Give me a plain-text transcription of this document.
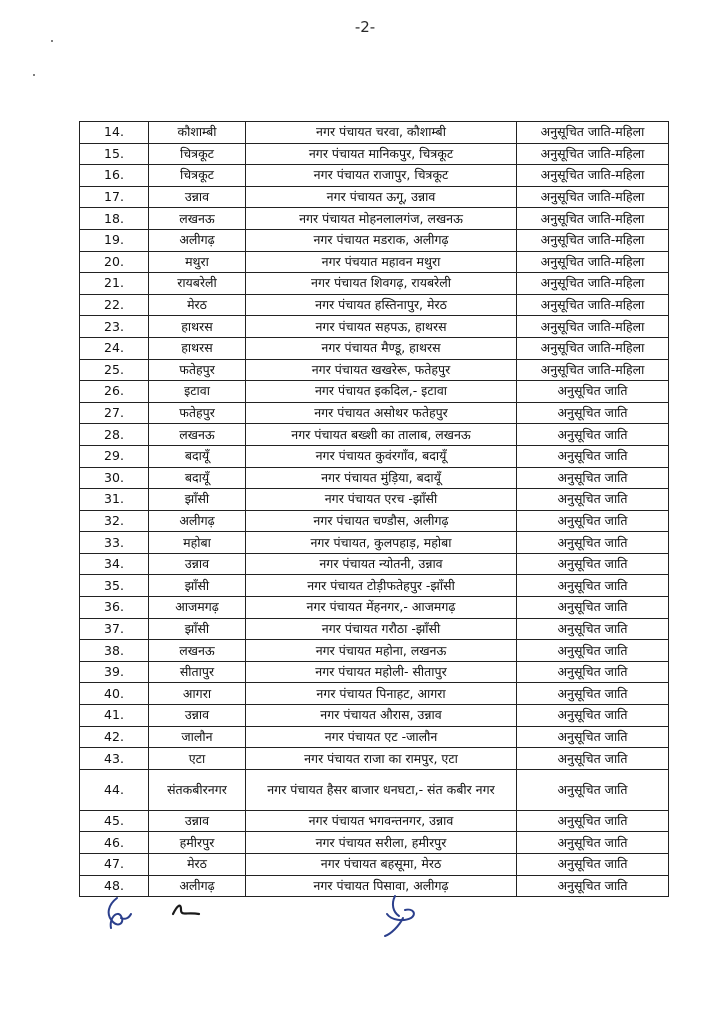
-2-
14.	कौशाम्बी	नगर पंचायत चरवा, कौशाम्बी	अनुसूचित जाति-महिला
15.	चित्रकूट	नगर पंचायत मानिकपुर, चित्रकूट	अनुसूचित जाति-महिला
16.	चित्रकूट	नगर पंचायत राजापुर, चित्रकूट	अनुसूचित जाति-महिला
17.	उन्नाव	नगर पंचायत ऊगू, उन्नाव	अनुसूचित जाति-महिला
18.	लखनऊ	नगर पंचायत मोहनलालगंज, लखनऊ	अनुसूचित जाति-महिला
19.	अलीगढ़	नगर पंचायत मडराक, अलीगढ़	अनुसूचित जाति-महिला
20.	मथुरा	नगर पंचयात महावन मथुरा	अनुसूचित जाति-महिला
21.	रायबरेली	नगर पंचायत शिवगढ़, रायबरेली	अनुसूचित जाति-महिला
22.	मेरठ	नगर पंचायत हस्तिनापुर, मेरठ	अनुसूचित जाति-महिला
23.	हाथरस	नगर पंचायत सहपऊ, हाथरस	अनुसूचित जाति-महिला
24.	हाथरस	नगर पंचायत मैण्डू, हाथरस	अनुसूचित जाति-महिला
25.	फतेहपुर	नगर पंचायत खखरेरू, फतेहपुर	अनुसूचित जाति-महिला
26.	इटावा	नगर पंचायत इकदिल,- इटावा	अनुसूचित जाति
27.	फतेहपुर	नगर पंचायत असोथर फतेहपुर	अनुसूचित जाति
28.	लखनऊ	नगर पंचायत बख्शी का तालाब, लखनऊ	अनुसूचित जाति
29.	बदायूँ	नगर पंचायत कुवंरगाँव, बदायूँ	अनुसूचित जाति
30.	बदायूँ	नगर पंचायत मुंड़िया, बदायूँ	अनुसूचित जाति
31.	झाँसी	नगर पंचायत एरच -झाँसी	अनुसूचित जाति
32.	अलीगढ़	नगर पंचायत चण्डौस, अलीगढ़	अनुसूचित जाति
33.	महोबा	नगर पंचायत, कुलपहाड़, महोबा	अनुसूचित जाति
34.	उन्नाव	नगर पंचायत न्योतनी, उन्नाव	अनुसूचित जाति
35.	झाँसी	नगर पंचायत टोड़ीफतेहपुर -झाँसी	अनुसूचित जाति
36.	आजमगढ़	नगर पंचायत मेंहनगर,- आजमगढ़	अनुसूचित जाति
37.	झाँसी	नगर पंचायत गरौठा -झाँसी	अनुसूचित जाति
38.	लखनऊ	नगर पंचायत महोना, लखनऊ	अनुसूचित जाति
39.	सीतापुर	नगर पंचायत महोली- सीतापुर	अनुसूचित जाति
40.	आगरा	नगर पंचायत पिनाहट, आगरा	अनुसूचित जाति
41.	उन्नाव	नगर पंचायत औरास, उन्नाव	अनुसूचित जाति
42.	जालौन	नगर पंचायत एट -जालौन	अनुसूचित जाति
43.	एटा	नगर पंचायत राजा का रामपुर, एटा	अनुसूचित जाति
44.	संतकबीरनगर	नगर पंचायत हैसर बाजार धनघटा,- संत कबीर नगर	अनुसूचित जाति
45.	उन्नाव	नगर पंचायत भगवन्तनगर, उन्नाव	अनुसूचित जाति
46.	हमीरपुर	नगर पंचायत सरीला, हमीरपुर	अनुसूचित जाति
47.	मेरठ	नगर पंचायत बहसूमा, मेरठ	अनुसूचित जाति
48.	अलीगढ़	नगर पंचायत पिसावा, अलीगढ़	अनुसूचित जाति
